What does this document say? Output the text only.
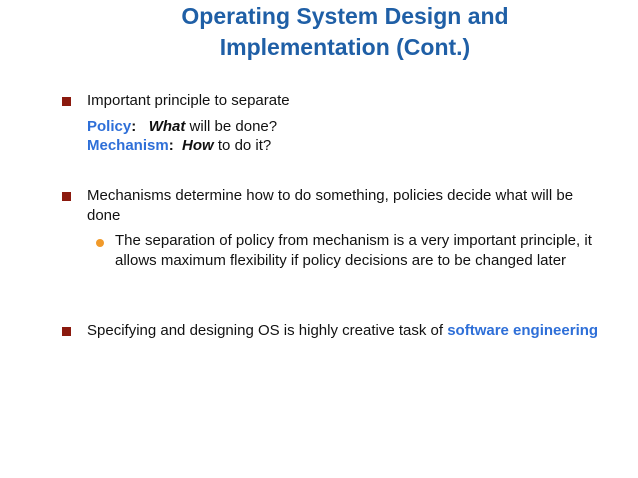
Operating System Design and
Implementation (Cont.)
Important principle to separate
Policy: What will be done?
Mechanism: How to do it?
Mechanisms determine how to do something, policies decide what will be done
The separation of policy from mechanism is a very important principle, it allows maximum flexibility if policy decisions are to be changed later
Specifying and designing OS is highly creative task of software engineering
